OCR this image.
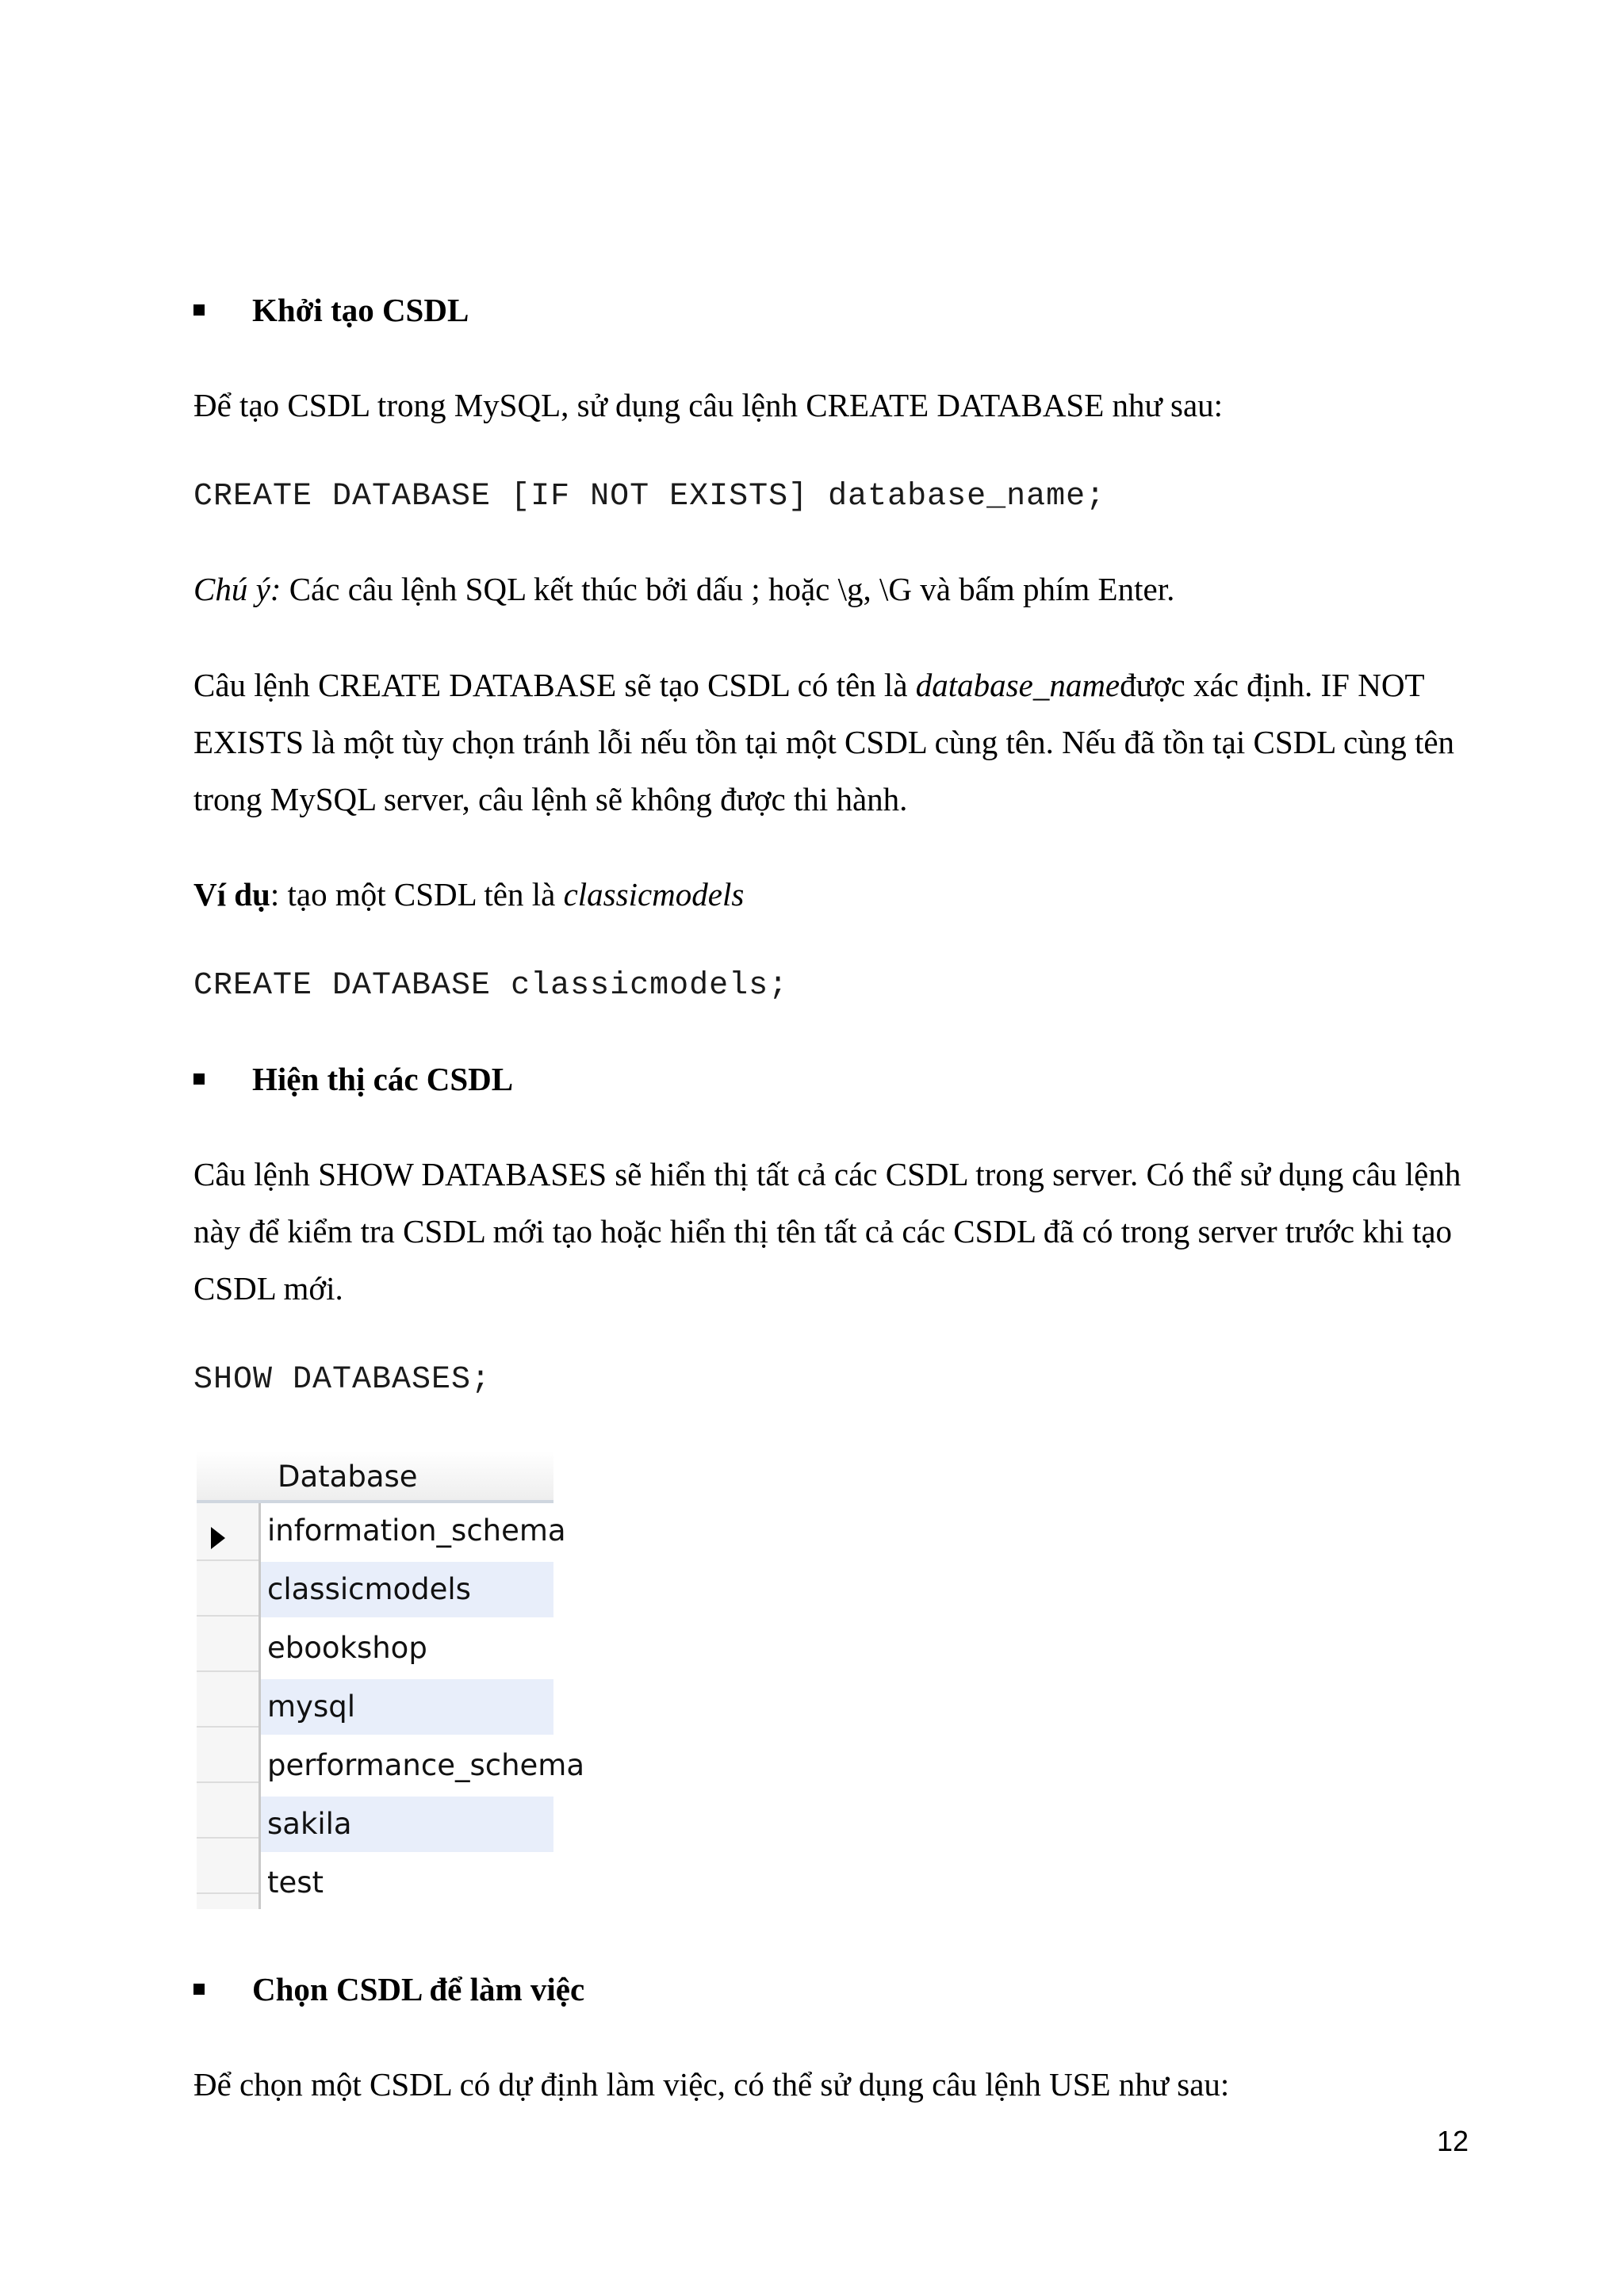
Khởi tạo CSDL
Để tạo CSDL trong MySQL, sử dụng câu lệnh CREATE DATABASE như sau:
CREATE DATABASE [IF NOT EXISTS] database_name;
Chú ý: Các câu lệnh SQL kết thúc bởi dấu ; hoặc \g, \G và bấm phím Enter.
Câu lệnh CREATE DATABASE sẽ tạo CSDL có tên là database_nameđược xác định. IF NOT EXISTS là một tùy chọn tránh lỗi nếu tồn tại một CSDL cùng tên. Nếu đã tồn tại CSDL cùng tên trong MySQL server, câu lệnh sẽ không được thi hành.
Ví dụ: tạo một CSDL tên là classicmodels
CREATE DATABASE classicmodels;
Hiện thị các CSDL
Câu lệnh SHOW DATABASES sẽ hiển thị tất cả các CSDL trong server. Có thể sử dụng câu lệnh này để kiểm tra CSDL mới tạo hoặc hiển thị tên tất cả các CSDL đã có trong server trước khi tạo CSDL mới.
SHOW DATABASES;
Database
information_schema
classicmodels
ebookshop
mysql
performance_schema
sakila
test
Chọn CSDL để làm việc
Để chọn một CSDL có dự định làm việc, có thể sử dụng câu lệnh USE như sau:
12
